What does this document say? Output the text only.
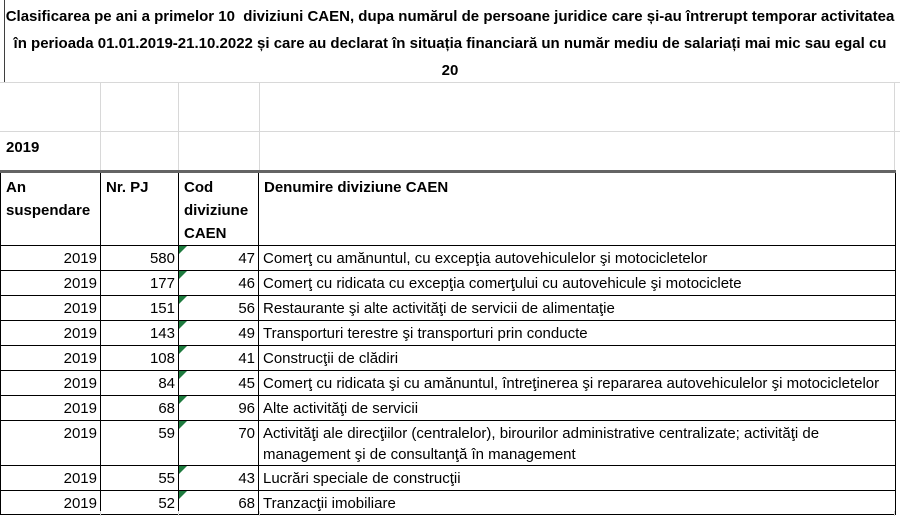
Clasificarea pe ani a primelor 10  diviziuni CAEN, dupa numărul de persoane juridice care și-au întrerupt temporar activitatea
în perioada 01.01.2019-21.10.2022 și care au declarat în situația financiară un număr mediu de salariați mai mic sau egal cu
20
2019
An suspendare	Nr. PJ	Cod diviziune CAEN	Denumire diviziune CAEN
2019	580	47	Comerţ cu amănuntul, cu excepţia autovehiculelor şi motocicletelor
2019	177	46	Comerţ cu ridicata cu excepţia comerţului cu autovehicule şi motociclete
2019	151	56	Restaurante şi alte activităţi de servicii de alimentaţie
2019	143	49	Transporturi terestre şi transporturi prin conducte
2019	108	41	Construcţii de clădiri
2019	84	45	Comerţ cu ridicata şi cu amănuntul, întreţinerea şi repararea autovehiculelor şi motocicletelor
2019	68	96	Alte activităţi de servicii
2019	59	70	Activităţi ale direcţiilor (centralelor), birourilor administrative centralizate; activităţi de management şi de consultanţă în management
2019	55	43	Lucrări speciale de construcţii
2019	52	68	Tranzacţii imobiliare
